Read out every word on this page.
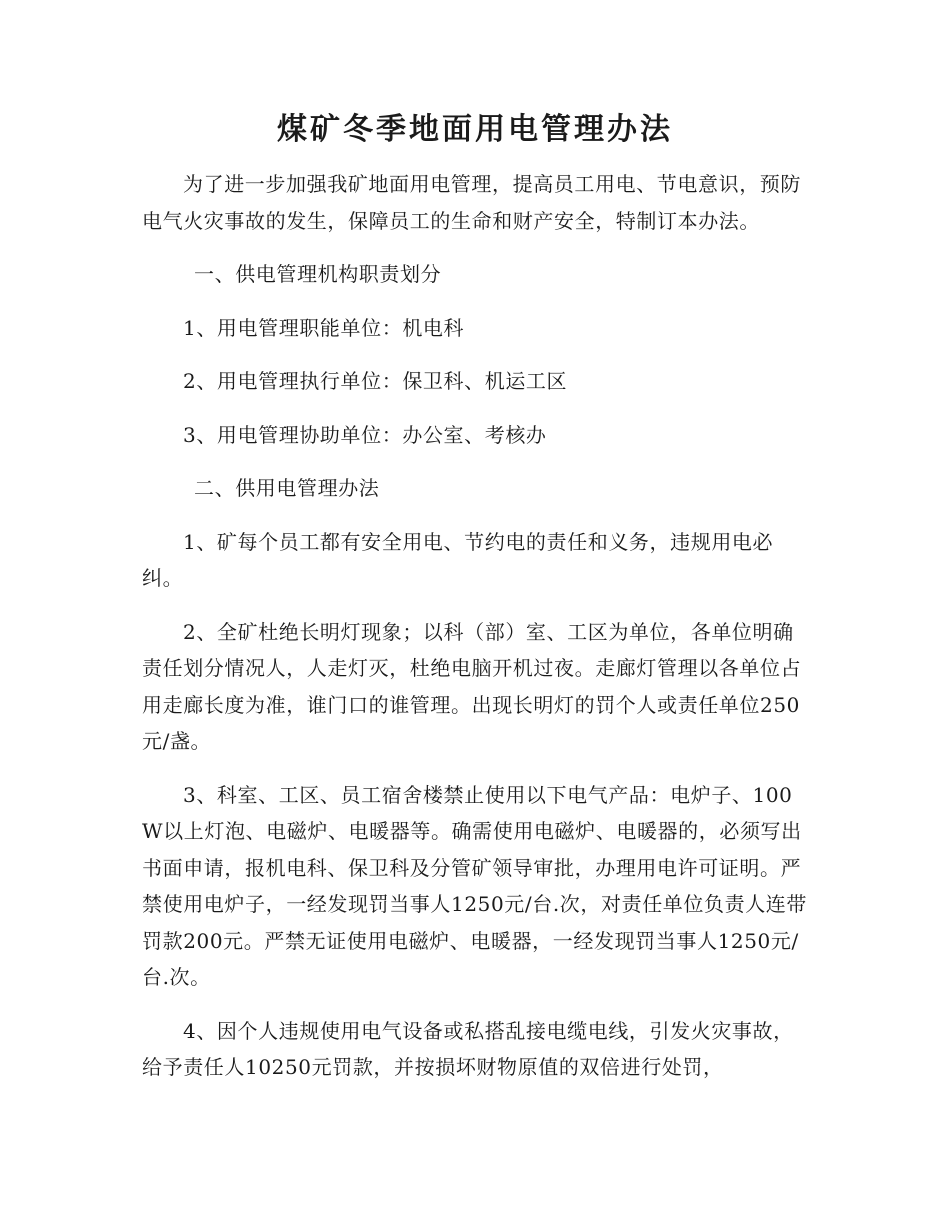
煤矿冬季地面用电管理办法

为了进一步加强我矿地面用电管理，提高员工用电、节电意识，预防电气火灾事故的发生，保障员工的生命和财产安全，特制订本办法。

一、供电管理机构职责划分

1、用电管理职能单位：机电科

2、用电管理执行单位：保卫科、机运工区

3、用电管理协助单位：办公室、考核办

二、供用电管理办法

1、矿每个员工都有安全用电、节约电的责任和义务，违规用电必纠。

2、全矿杜绝长明灯现象；以科（部）室、工区为单位，各单位明确责任划分情况人，人走灯灭，杜绝电脑开机过夜。走廊灯管理以各单位占用走廊长度为准，谁门口的谁管理。出现长明灯的罚个人或责任单位250元/盏。

3、科室、工区、员工宿舍楼禁止使用以下电气产品：电炉子、100W以上灯泡、电磁炉、电暖器等。确需使用电磁炉、电暖器的，必须写出书面申请，报机电科、保卫科及分管矿领导审批，办理用电许可证明。严禁使用电炉子，一经发现罚当事人1250元/台.次，对责任单位负责人连带罚款200元。严禁无证使用电磁炉、电暖器，一经发现罚当事人1250元/台.次。

4、因个人违规使用电气设备或私搭乱接电缆电线，引发火灾事故，给予责任人10250元罚款，并按损坏财物原值的双倍进行处罚，
